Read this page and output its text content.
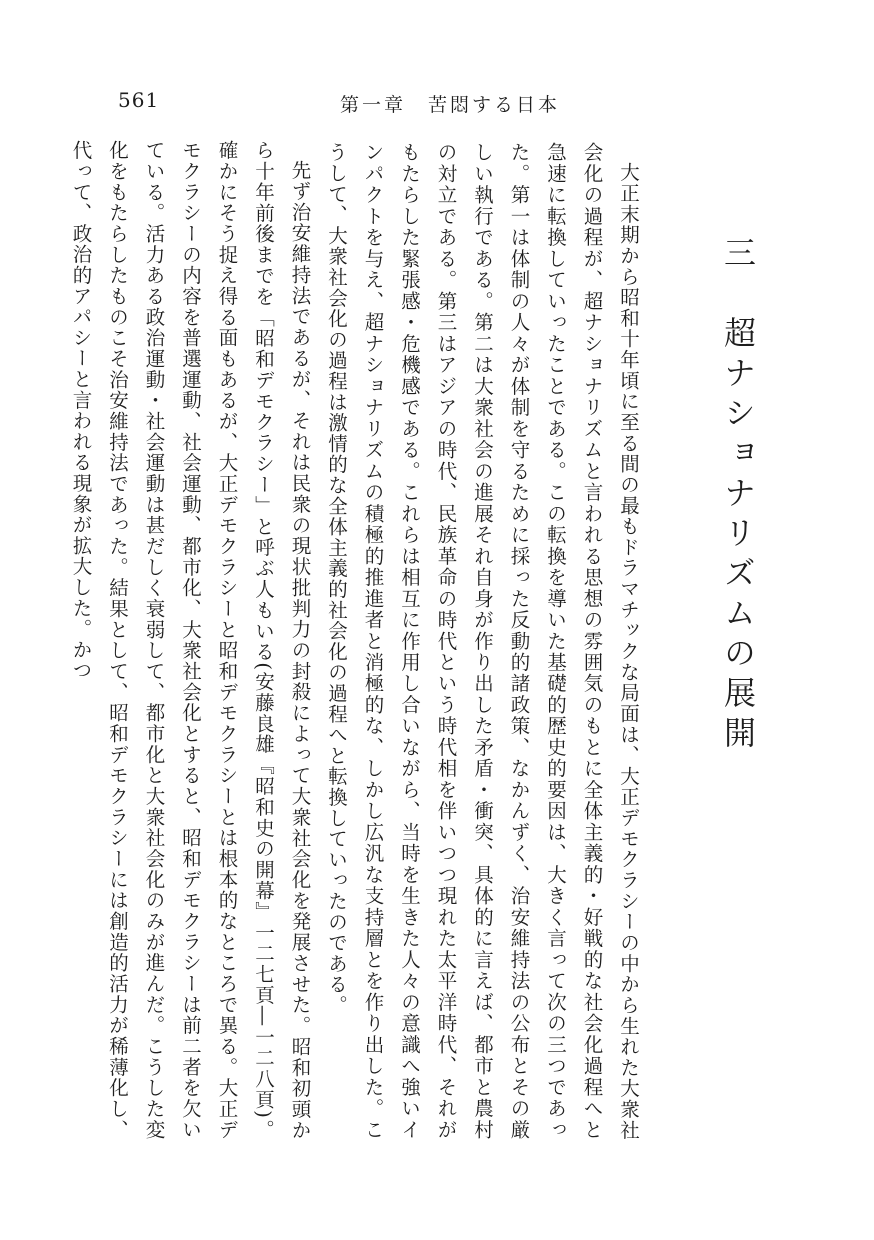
561	第一章　苦悶する日本
三　超ナショナリズムの展開

大正末期から昭和十年頃に至る間の最もドラマチックな局面は、大正デモクラシーの中から生れた大衆社会化の過程が、超ナショナリズムと言われる思想の雰囲気のもとに全体主義的・好戦的な社会化過程へと急速に転換していったことである。この転換を導いた基礎的歴史的要因は、大きく言って次の三つであった。第一は体制の人々が体制を守るために採った反動的諸政策、なかんずく、治安維持法の公布とその厳しい執行である。第二は大衆社会の進展それ自身が作り出した矛盾・衝突、具体的に言えば、都市と農村の対立である。第三はアジアの時代、民族革命の時代という時代相を伴いつつ現れた太平洋時代、それがもたらした緊張感・危機感である。これらは相互に作用し合いながら、当時を生きた人々の意識へ強いインパクトを与え、超ナショナリズムの積極的推進者と消極的な、しかし広汎な支持層とを作り出した。こうして、大衆社会化の過程は激情的な全体主義的社会化の過程へと転換していったのである。

先ず治安維持法であるが、それは民衆の現状批判力の封殺によって大衆社会化を発展させた。昭和初頭から十年前後までを「昭和デモクラシー」と呼ぶ人もいる(安藤良雄『昭和史の開幕』一二七頁―一二八頁)。確かにそう捉え得る面もあるが、大正デモクラシーと昭和デモクラシーとは根本的なところで異る。大正デモクラシーの内容を普選運動、社会運動、都市化、大衆社会化とすると、昭和デモクラシーは前二者を欠いている。活力ある政治運動・社会運動は甚だしく衰弱して、都市化と大衆社会化のみが進んだ。こうした変化をもたらしたものこそ治安維持法であった。結果として、昭和デモクラシーには創造的活力が稀薄化し、代って、政治的アパシーと言われる現象が拡大した。かつ
